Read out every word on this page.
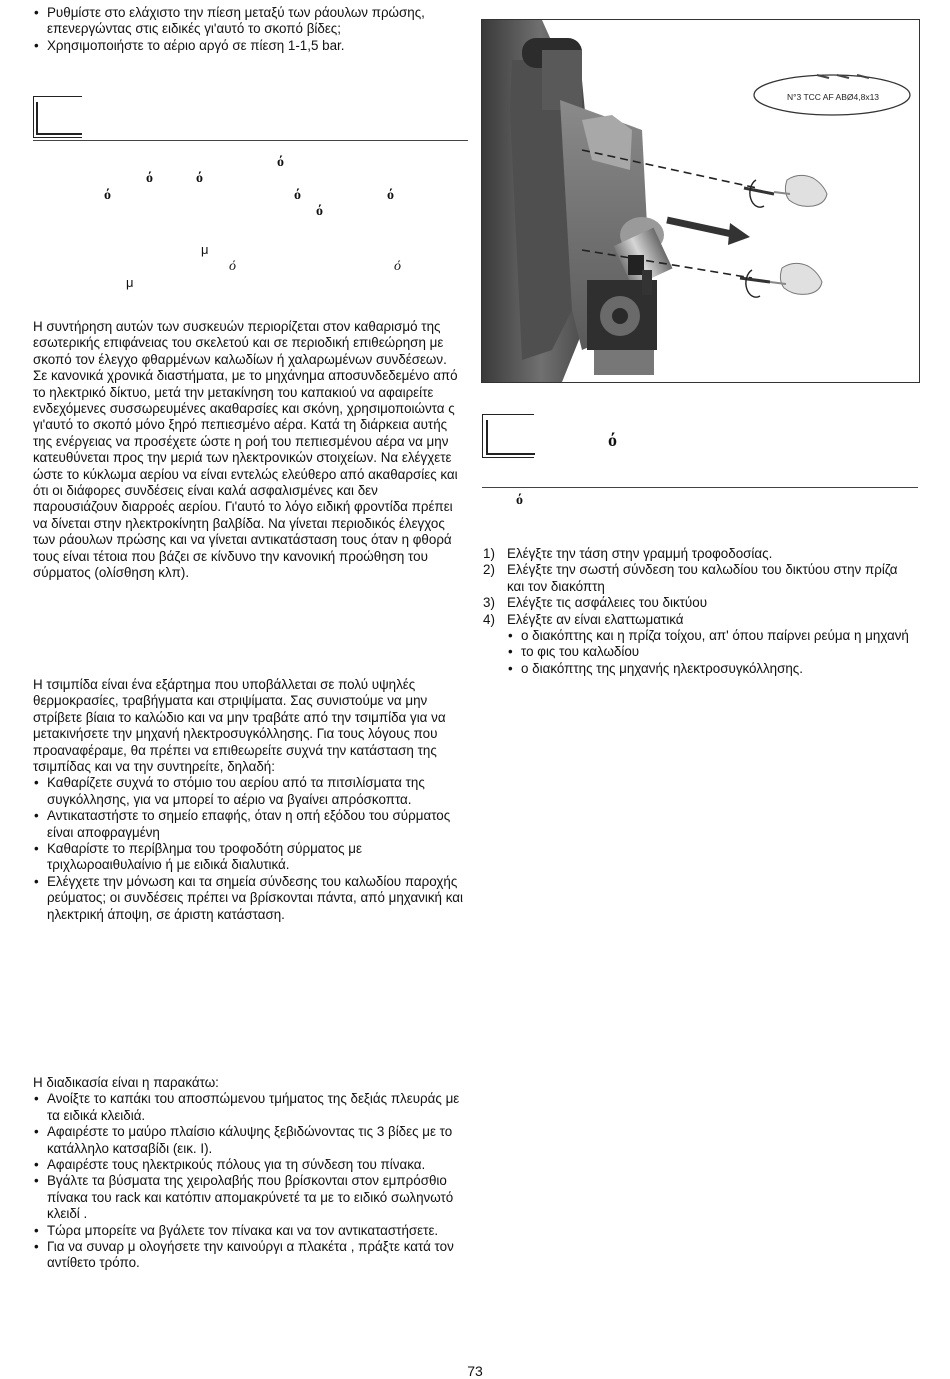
• Ρυθμίστε στο ελάχιστο την πίεση μεταξύ των ράουλων πρώσης, επενεργώντας στις ειδικές γι'αυτό το σκοπό βίδες;
• Χρησιμοποιήστε το αέριο αργό σε πίεση 1-1,5 bar.
ό
ό	ό
ό	ό	ό
ό
μ
ό	ό
μ
Η συντήρηση αυτών των συσκευών περιορίζεται στον καθαρισμό της εσωτερικής επιφάνειας του σκελετού και σε περιοδική επιθεώρηση με σκοπό τον έλεγχο φθαρμένων καλωδίων ή χαλαρωμένων συνδέσεων. Σε κανονικά χρονικά διαστήματα, με το μηχάνημα αποσυνδεδεμένο από το ηλεκτρικό δίκτυο, μετά την μετακίνηση του καπακιού να αφαιρείτε ενδεχόμενες συσσωρευμένες ακαθαρσίες και σκόνη, χρησιμοποιώντα ς γι'αυτό το σκοπό μόνο ξηρό πεπιεσμένο αέρα. Κατά τη διάρκεια αυτής της ενέργειας να προσέχετε ώστε η ροή του πεπιεσμένου αέρα να μην κατευθύνεται προς την μεριά των ηλεκτρονικών στοιχείων. Να ελέγχετε ώστε το κύκλωμα αερίου να είναι εντελώς ελεύθερο από ακαθαρσίες και ότι οι διάφορες συνδέσεις είναι καλά ασφαλισμένες και δεν παρουσιάζουν διαρροές αερίου. Γι'αυτό το λόγο ειδική φροντίδα πρέπει να δίνεται στην ηλεκτροκίνητη βαλβίδα. Να γίνεται περιοδικός έλεγχος των ράουλων πρώσης και να γίνεται αντικατάσταση τους όταν η φθορά τους είναι τέτοια που βάζει σε κίνδυνο την κανονική προώθηση του σύρματος (ολίσθηση κλπ).
Η τσιμπίδα είναι ένα εξάρτημα που υποβάλλεται σε πολύ υψηλές θερμοκρασίες, τραβήγματα και στριψίματα. Σας συνιστούμε να μην στρίβετε βίαια το καλώδιο και να μην τραβάτε από την τσιμπίδα για να μετακινήσετε την μηχανή ηλεκτροσυγκόλλησης. Για τους λόγους που προαναφέραμε, θα πρέπει να επιθεωρείτε συχνά την κατάσταση της τσιμπίδας και να την συντηρείτε, δηλαδή:
• Καθαρίζετε συχνά το στόμιο του αερίου από τα πιτσιλίσματα της συγκόλλησης, για να μπορεί το αέριο να βγαίνει απρόσκοπτα.
• Αντικαταστήστε το σημείο επαφής, όταν η οπή εξόδου του σύρματος είναι αποφραγμένη
• Καθαρίστε το περίβλημα του τροφοδότη σύρματος με τριχλωροαιθυλαίνιο ή με ειδικά διαλυτικά.
• Ελέγχετε την μόνωση και τα σημεία σύνδεσης του καλωδίου παροχής ρεύματος; οι συνδέσεις πρέπει να βρίσκονται πάντα, από μηχανική και ηλεκτρική άποψη, σε άριστη κατάσταση.
Η διαδικασία είναι η παρακάτω:
• Ανοίξτε το καπάκι του αποσπώμενου τμήματος της δεξιάς πλευράς με τα ειδικά κλειδιά.
• Αφαιρέστε το μαύρο πλαίσιο κάλυψης ξεβιδώνοντας τις 3 βίδες με το κατάλληλο κατσαβίδι (εικ. I).
• Αφαιρέστε τους ηλεκτρικούς πόλους για τη σύνδεση του πίνακα.
• Βγάλτε τα βύσματα της χειρολαβής που βρίσκονται στον εμπρόσθιο πίνακα του rack και κατόπιν απομακρύνετέ τα με το ειδικό σωληνωτό κλειδί .
• Τώρα μπορείτε να βγάλετε τον πίνακα και να τον αντικαταστήσετε.
• Για να συναρ μ ολογήσετε την καινούργι α πλακέτα , πράξτε κατά τον αντίθετο τρόπο.
N°3 TCC AF ABØ4,8x13
ό
ό
1) Ελέγξτε την τάση στην γραμμή τροφοδοσίας.
2) Ελέγξτε την σωστή σύνδεση του καλωδίου του δικτύου στην πρίζα και τον διακόπτη
3) Ελέγξτε τις ασφάλειες του δικτύου
4) Ελέγξτε αν είναι ελαττωματικά
• ο διακόπτης και η πρίζα τοίχου, απ' όπου παίρνει ρεύμα η μηχανή
• το φις του καλωδίου
• ο διακόπτης της μηχανής ηλεκτροσυγκόλλησης.
73
